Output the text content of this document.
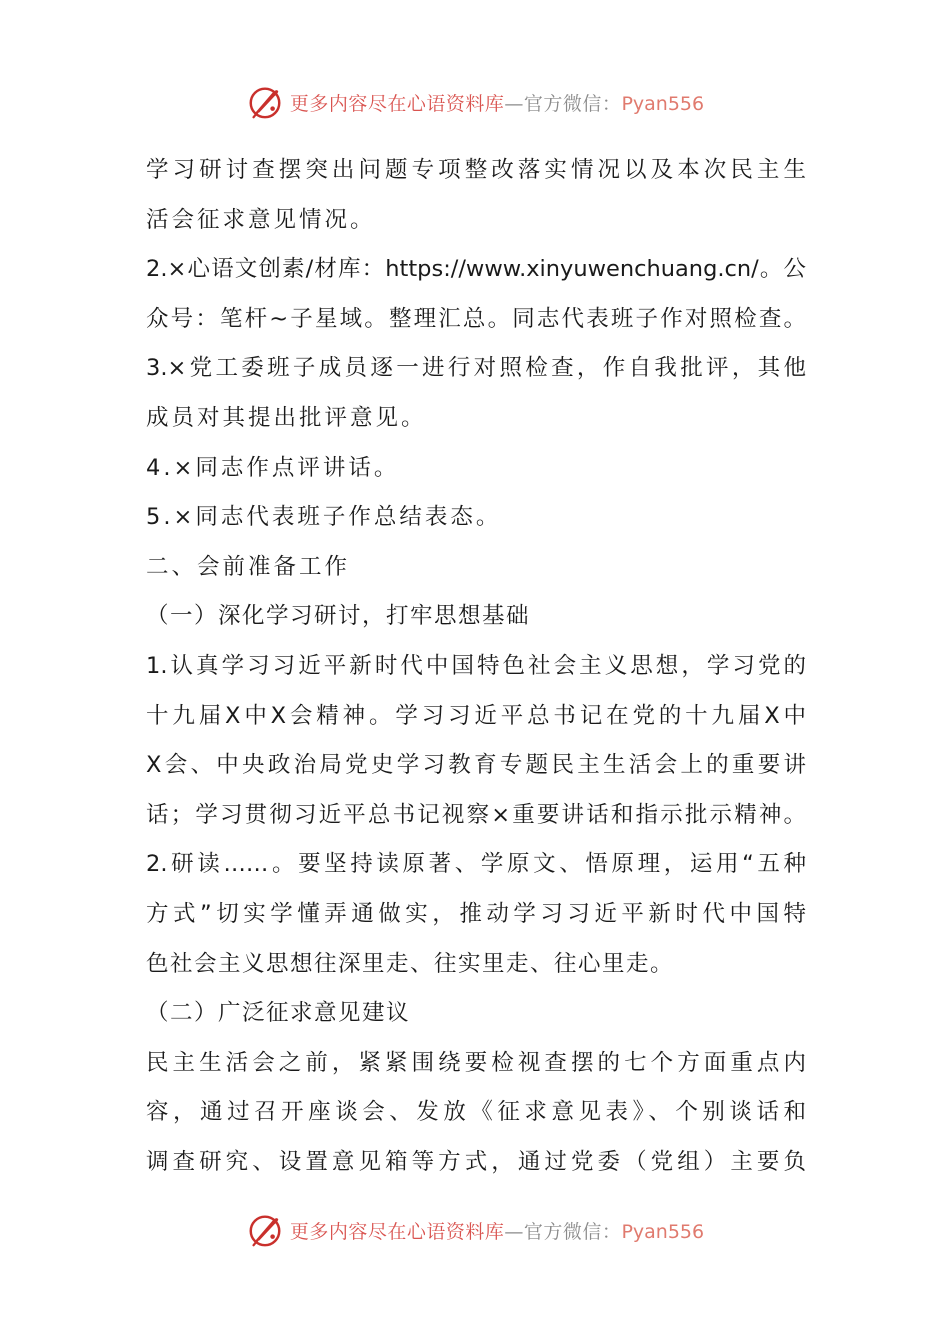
更多内容尽在心语资料库—官方微信：Pyan556
学习研讨查摆突出问题专项整改落实情况以及本次民主生
活会征求意见情况。
2.×心语文创素/材库：https://www.xinyuwenchuang.cn/。公
众号：笔杆~子星域。整理汇总。同志代表班子作对照检查。
3.×党工委班子成员逐一进行对照检查，作自我批评，其他
成员对其提出批评意见。
4.×同志作点评讲话。
5.×同志代表班子作总结表态。
二、会前准备工作
（一）深化学习研讨，打牢思想基础
1.认真学习习近平新时代中国特色社会主义思想，学习党的
十九届X中X会精神。学习习近平总书记在党的十九届X中
X会、中央政治局党史学习教育专题民主生活会上的重要讲
话；学习贯彻习近平总书记视察×重要讲话和指示批示精神。
2.研读……。要坚持读原著、学原文、悟原理，运用“五种
方式”切实学懂弄通做实，推动学习习近平新时代中国特
色社会主义思想往深里走、往实里走、往心里走。
（二）广泛征求意见建议
民主生活会之前，紧紧围绕要检视查摆的七个方面重点内
容，通过召开座谈会、发放《征求意见表》、个别谈话和
调查研究、设置意见箱等方式，通过党委（党组）主要负
更多内容尽在心语资料库—官方微信：Pyan556
